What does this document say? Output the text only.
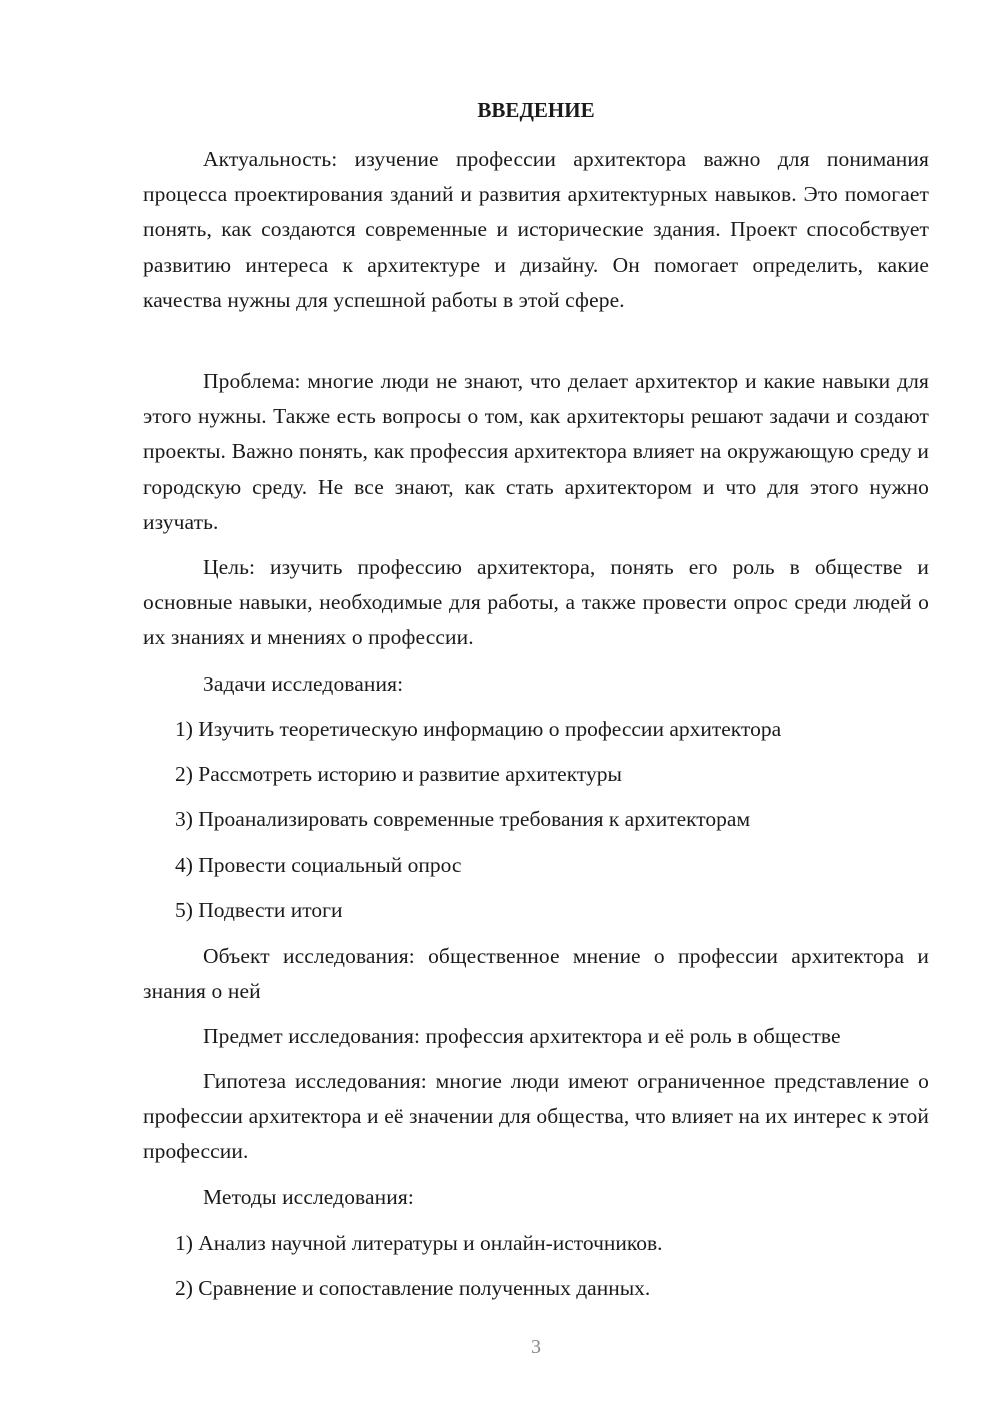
ВВЕДЕНИЕ

Актуальность: изучение профессии архитектора важно для понимания процесса проектирования зданий и развития архитектурных навыков. Это помогает понять, как создаются современные и исторические здания. Проект способствует развитию интереса к архитектуре и дизайну. Он помогает определить, какие качества нужны для успешной работы в этой сфере.

Проблема: многие люди не знают, что делает архитектор и какие навыки для этого нужны. Также есть вопросы о том, как архитекторы решают задачи и создают проекты. Важно понять, как профессия архитектора влияет на окружающую среду и городскую среду. Не все знают, как стать архитектором и что для этого нужно изучать.

Цель: изучить профессию архитектора, понять его роль в обществе и основные навыки, необходимые для работы, а также провести опрос среди людей о их знаниях и мнениях о профессии.

Задачи исследования:

1) Изучить теоретическую информацию о профессии архитектора

2) Рассмотреть историю и развитие архитектуры

3) Проанализировать современные требования к архитекторам

4) Провести социальный опрос

5) Подвести итоги

Объект исследования: общественное мнение о профессии архитектора и знания о ней

Предмет исследования: профессия архитектора и её роль в обществе

Гипотеза исследования: многие люди имеют ограниченное представление о профессии архитектора и её значении для общества, что влияет на их интерес к этой профессии.

Методы исследования:

1) Анализ научной литературы и онлайн-источников.

2) Сравнение и сопоставление полученных данных.

3
